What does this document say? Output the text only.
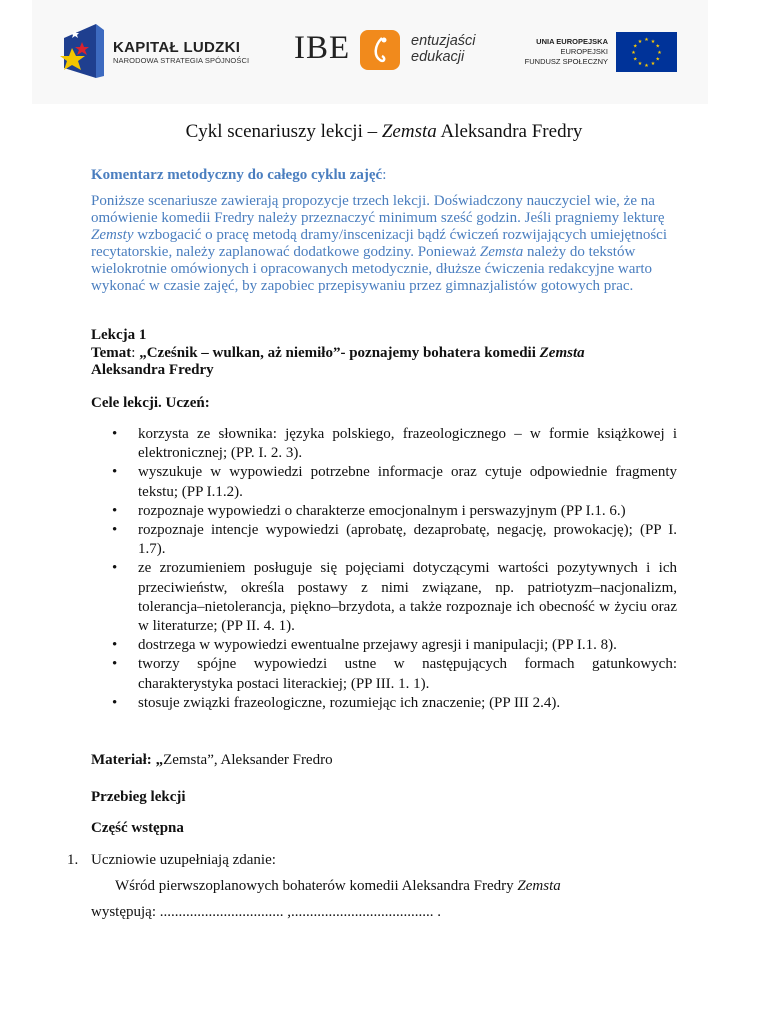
KAPITAŁ LUDZKI
NARODOWA STRATEGIA SPÓJNOŚCI IBE	entuzjaści
edukacji
UNIA EUROPEJSKA
EUROPEJSKI
FUNDUSZ SPOŁECZNY
★ ★
★
★
★
★
★
★
★
★
★
★
Cykl scenariuszy lekcji – Zemsta Aleksandra Fredry
Komentarz metodyczny do całego cyklu zajęć:
Poniższe scenariusze zawierają propozycje trzech lekcji. Doświadczony nauczyciel wie, że na omówienie komedii Fredry należy przeznaczyć minimum sześć godzin. Jeśli pragniemy lekturę Zemsty wzbogacić o pracę metodą dramy/inscenizacji bądź ćwiczeń rozwijających umiejętności recytatorskie, należy zaplanować dodatkowe godziny. Ponieważ Zemsta należy do tekstów wielokrotnie omówionych i opracowanych metodycznie, dłuższe ćwiczenia redakcyjne warto wykonać w czasie zajęć, by zapobiec przepisywaniu przez gimnazjalistów gotowych prac.
Lekcja 1
Temat: „Cześnik – wulkan, aż niemiło”- poznajemy bohatera komedii Zemsta
Aleksandra Fredry
Cele lekcji. Uczeń:
• korzysta ze słownika: języka polskiego, frazeologicznego – w formie książkowej i elektronicznej; (PP. I. 2. 3).
• wyszukuje w wypowiedzi potrzebne informacje oraz cytuje odpowiednie fragmenty tekstu; (PP I.1.2).
• rozpoznaje wypowiedzi o charakterze emocjonalnym i perswazyjnym (PP I.1. 6.)
• rozpoznaje intencje wypowiedzi (aprobatę, dezaprobatę, negację, prowokację); (PP I. 1.7).
• ze zrozumieniem posługuje się pojęciami dotyczącymi wartości pozytywnych i ich przeciwieństw, określa postawy z nimi związane, np. patriotyzm–nacjonalizm, tolerancja–nietolerancja, piękno–brzydota, a także rozpoznaje ich obecność w życiu oraz w literaturze; (PP II. 4. 1).
• dostrzega w wypowiedzi ewentualne przejawy agresji i manipulacji; (PP I.1. 8).
• tworzy spójne wypowiedzi ustne w następujących formach gatunkowych: charakterystyka postaci literackiej; (PP III. 1. 1).
• stosuje związki frazeologiczne, rozumiejąc ich znaczenie; (PP III 2.4).
Materiał: „Zemsta”, Aleksander Fredro
Przebieg lekcji
Część wstępna
1. Uczniowie uzupełniają zdanie:
Wśród pierwszoplanowych bohaterów komedii Aleksandra Fredry Zemsta
występują: ................................. ,...................................... .
